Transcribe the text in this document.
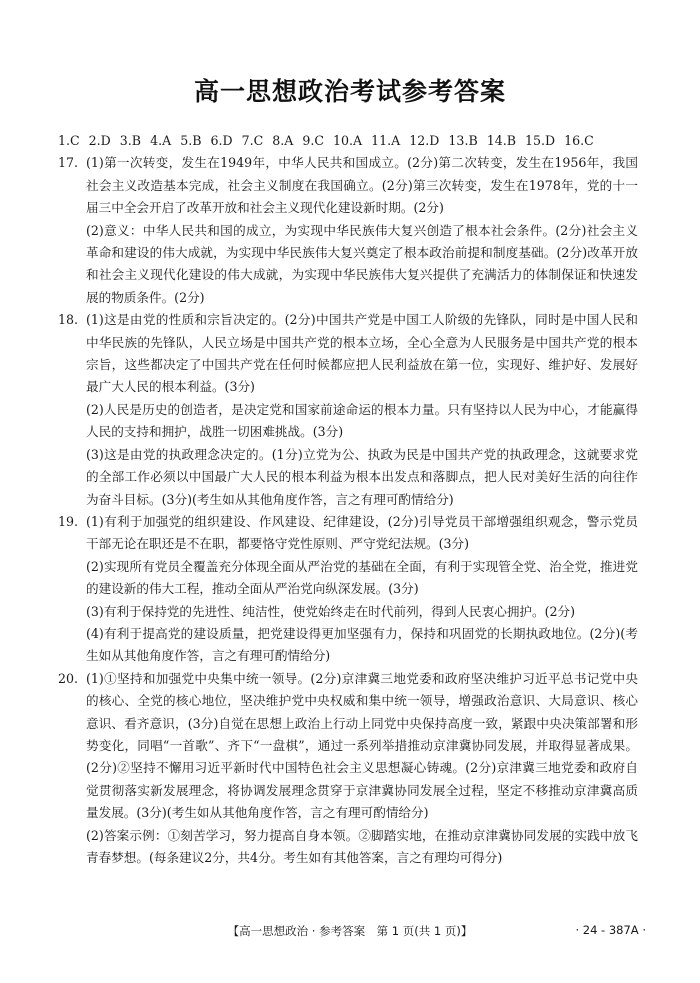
高一思想政治考试参考答案

1.C 2.D 3.B 4.A 5.B 6.D 7.C 8.A 9.C 10.A 11.A 12.D 13.B 14.B 15.D 16.C

17. (1)第一次转变，发生在1949年，中华人民共和国成立。(2分)第二次转变，发生在1956年，我国社会主义改造基本完成，社会主义制度在我国确立。(2分)第三次转变，发生在1978年，党的十一届三中全会开启了改革开放和社会主义现代化建设新时期。(2分)

(2)意义：中华人民共和国的成立，为实现中华民族伟大复兴创造了根本社会条件。(2分)社会主义革命和建设的伟大成就，为实现中华民族伟大复兴奠定了根本政治前提和制度基础。(2分)改革开放和社会主义现代化建设的伟大成就，为实现中华民族伟大复兴提供了充满活力的体制保证和快速发展的物质条件。(2分)

18. (1)这是由党的性质和宗旨决定的。(2分)中国共产党是中国工人阶级的先锋队，同时是中国人民和中华民族的先锋队，人民立场是中国共产党的根本立场，全心全意为人民服务是中国共产党的根本宗旨，这些都决定了中国共产党在任何时候都应把人民利益放在第一位，实现好、维护好、发展好最广大人民的根本利益。(3分)

(2)人民是历史的创造者，是决定党和国家前途命运的根本力量。只有坚持以人民为中心，才能赢得人民的支持和拥护，战胜一切困难挑战。(3分)

(3)这是由党的执政理念决定的。(1分)立党为公、执政为民是中国共产党的执政理念，这就要求党的全部工作必须以中国最广大人民的根本利益为根本出发点和落脚点，把人民对美好生活的向往作为奋斗目标。(3分)(考生如从其他角度作答，言之有理可酌情给分)

19. (1)有利于加强党的组织建设、作风建设、纪律建设，(2分)引导党员干部增强组织观念，警示党员干部无论在职还是不在职，都要恪守党性原则、严守党纪法规。(3分)

(2)实现所有党员全覆盖充分体现全面从严治党的基础在全面，有利于实现管全党、治全党，推进党的建设新的伟大工程，推动全面从严治党向纵深发展。(3分)

(3)有利于保持党的先进性、纯洁性，使党始终走在时代前列，得到人民衷心拥护。(2分)

(4)有利于提高党的建设质量，把党建设得更加坚强有力，保持和巩固党的长期执政地位。(2分)(考生如从其他角度作答，言之有理可酌情给分)

20. (1)①坚持和加强党中央集中统一领导。(2分)京津冀三地党委和政府坚决维护习近平总书记党中央的核心、全党的核心地位，坚决维护党中央权威和集中统一领导，增强政治意识、大局意识、核心意识、看齐意识，(3分)自觉在思想上政治上行动上同党中央保持高度一致，紧跟中央决策部署和形势变化，同唱“一首歌”、齐下“一盘棋”，通过一系列举措推动京津冀协同发展，并取得显著成果。(2分)②坚持不懈用习近平新时代中国特色社会主义思想凝心铸魂。(2分)京津冀三地党委和政府自觉贯彻落实新发展理念，将协调发展理念贯穿于京津冀协同发展全过程，坚定不移推动京津冀高质量发展。(3分)(考生如从其他角度作答，言之有理可酌情给分)

(2)答案示例：①刻苦学习，努力提高自身本领。②脚踏实地，在推动京津冀协同发展的实践中放飞青春梦想。(每条建议2分，共4分。考生如有其他答案，言之有理均可得分)

【高一思想政治 · 参考答案　第 1 页(共 1 页)】	· 24 - 387A ·
